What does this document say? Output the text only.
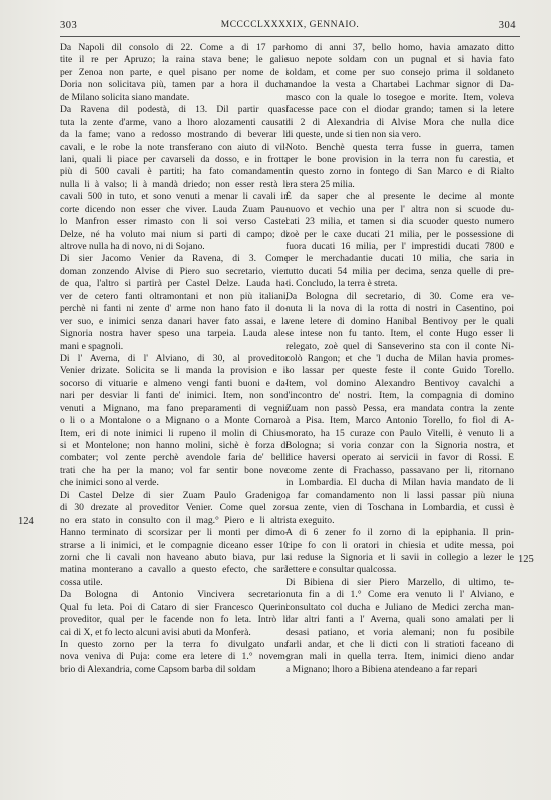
303	MCCCCLXXXXIX, GENNAIO.	304
124
125
Da Napoli dil consolo di 22. Come a di 17 par-
tite il re per Apruzo; la raina stava bene; le galie
per Zenoa non parte, e quel pisano per nome de i
Doria non solicitava più, tamen par a hora il ducha
de Milano solicita siano mandate.
Da Ravena dil podestà, di 13. Dil partir quasi
tuta la zente d'arme, vano a lhoro alozamenti causati
da la fame; vano a redosso mostrando di beverar li
cavali, e le robe la note transferano con aiuto di vil-
lani, quali li piace per cavarseli da dosso, e in frotta
più di 500 cavali è partiti; ha fato comandamenti
nulla li à valso; li à mandà driedo; non esser restà li
cavali 500 in tuto, et sono venuti a menar li cavali in
corte dicendo non esser che viver. Lauda Zuam Pau-
lo Manfron esser rimasto con li soi verso Castel
Delze, né ha voluto mai nium si parti di campo; di
altrove nulla ha di novo, ni di Sojano.
Di sier Jacomo Venier da Ravena, di 3. Come
doman zonzendo Alvise di Piero suo secretario, vien
de qua, l'altro si partirà per Castel Delze. Lauda ha-
ver de cetero fanti oltramontani et non più italiani,
perchè ni fanti ni zente d' arme non hano fato il do-
ver suo, e inimici senza danari haver fato assai, e la
Signoria nostra haver speso una tarpeia. Lauda ale-
mani e spagnoli.
Di l' Averna, di l' Alviano, di 30, al proveditor
Venier drizate. Solicita se li manda la provision e il
socorso di vituarie e almeno vengi fanti buoni e da-
nari per desviar li fanti de' inimici. Item, non sono
venuti a Mignano, ma fano preparamenti di vegnir
o li o a Montalone o a Mignano o a Monte Cornaro.
Item, eri di note inimici li rupeno il molin di Chius-
si et Montelone; non hanno molini, sichè è forza di
combater; vol zente perchè avendole faria de' belli
trati che ha per la mano; vol far sentir bone nove
che inimici sono al verde.
Di Castel Delze di sier Zuam Paulo Gradenigo,
di 30 drezate al proveditor Venier. Come quel zor-
no era stato in consulto con il mag.° Piero e li altri.
Hanno terminato di scorsizar per li monti per dimo-
strarse a li inimici, et le compagnie diceano esser 10
zorni che li cavali non haveano abuto biava, pur la
matina monterano a cavallo a questo efecto, che sarà
cossa utile.
Da Bologna di Antonio Vincivera secretario.
Qual fu leta. Poi di Cataro di sier Francesco Querini
proveditor, qual per le facende non fo leta. Intrò li
cai di X, et fo lecto alcuni avisi abuti da Monferà.
In questo zorno per la terra fo divulgato una
nova veniva di Puja: come era letere di 1.° novem-
brio di Alexandria, come Capsom barba dil soldam
homo di anni 37, bello homo, havia amazato ditto
suo nepote soldam con un pugnal et si havia fato
soldam, et come per suo consejo prima il soldaneto
mandoe la vesta a Chartabei Lachmar signor di Da-
masco con la quale lo tosegoe e morite. Item, voleva
facesse pace con el diodar grando; tamen si la letere
di 2 di Alexandria di Alvise Mora che nulla dice
di queste, unde si tien non sia vero.
Noto. Benchè questa terra fusse in guerra, tamen
per le bone provision in la terra non fu carestia, et
in questo zorno in fontego di San Marco e di Rialto
era stera 25 milia.
È da saper che al presente le decime al monte
nuovo et vechio una per l' altra non si scuode du-
cati 23 milia, et tamen si dia scuoder questo numero
zoè per le caxe ducati 21 milia, per le possessione di
fuora ducati 16 milia, per l' imprestidi ducati 7800 e
per le merchadantie ducati 10 milia, che saria in
tutto ducati 54 milia per decima, senza quelle di pre-
ti. Concludo, la terra è streta.
Da Bologna dil secretario, di 30. Come era ve-
nuta li la nova di la rotta di nostri in Casentino, poi
vene letere di domino Hanibal Bentivoy per le quali
se intese non fu tanto. Item, el conte Hugo esser li
relegato, zoè quel di Sanseverino sta con il conte Ni-
colò Rangon; et che 'l ducha de Milan havia promes-
so lassar per queste feste il conte Guido Torello.
Item, vol domino Alexandro Bentivoy cavalchi a
l'incontro de' nostri. Item, la compagnia di domino
Zuam non passò Pessa, era mandata contra la zente
à a Pisa. Item, Marco Antonio Torello, fo fiol di A-
morato, ha 15 curaze con Paulo Vitelli, è venuto li a
Bologna; si voria conzar con la Signoria nostra, et
dice haversi operato ai servicii in favor di Rossi. E
come zente di Frachasso, passavano per li, ritornano
in Lombardia. El ducha di Milan havia mandato de li
a far comandamento non li lassi passar più niuna
sua zente, vien di Toschana in Lombardia, et cussì è
sta exeguito.
A di 6 zener fo il zorno di la epiphania. Il prin-
cipe fo con li oratori in chiesia et udite messa, poi
si reduse la Signoria et li savii in collegio a lezer le
lettere e consultar qualcossa.
Di Bibiena di sier Piero Marzello, di ultimo, te-
nuta fin a di 1.° Come era venuto li l' Alviano, e
consultato col ducha e Juliano de Medici zercha man-
dar altri fanti a l' Averna, quali sono amalati per li
desasi patiano, et voria alemani; non fu posibile
farli andar, et che li dicti con li stratioti faceano di
gran mali in quella terra. Item, inimici dieno andar
a Mignano; lhoro a Bibiena atendeano a far repari
